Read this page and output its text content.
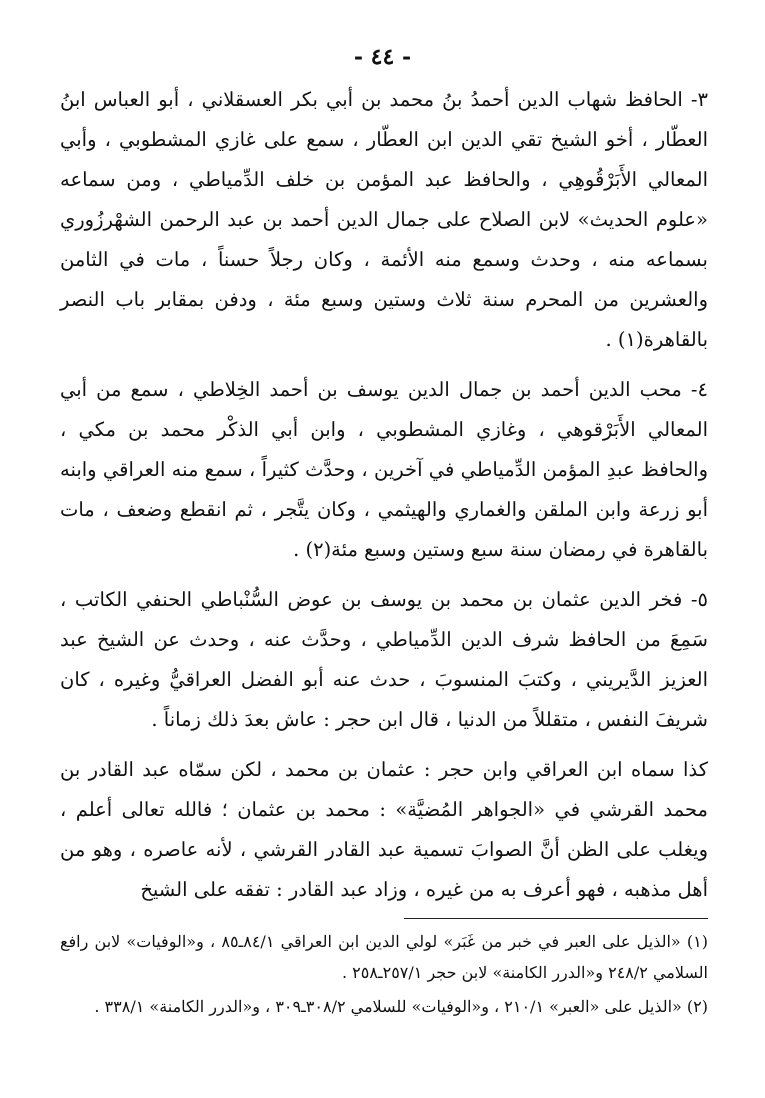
- ٤٤ -

٣- الحافظ شهاب الدين أحمدُ بنُ محمد بن أبي بكر العسقلاني ، أبو العباس ابنُ العطّار ، أخو الشيخ تقي الدين ابن العطّار ، سمع على غازي المشطوبي ، وأبي المعالي الأَبَرْقُوهِي ، والحافظ عبد المؤمن بن خلف الدِّمياطي ، ومن سماعه «علوم الحديث» لابن الصلاح على جمال الدين أحمد بن عبد الرحمن الشهْرزُوري بسماعه منه ، وحدث وسمع منه الأئمة ، وكان رجلاً حسناً ، مات في الثامن والعشرين من المحرم سنة ثلاث وستين وسبع مئة ، ودفن بمقابر باب النصر بالقاهرة(١) .

٤- محب الدين أحمد بن جمال الدين يوسف بن أحمد الخِلاطي ، سمع من أبي المعالي الأَبَرْقوهي ، وغازي المشطوبي ، وابن أبي الذكْر محمد بن مكي ، والحافظ عبدِ المؤمن الدِّمياطي في آخرين ، وحدَّث كثيراً ، سمع منه العراقي وابنه أبو زرعة وابن الملقن والغماري والهيثمي ، وكان يتَّجر ، ثم انقطع وضعف ، مات بالقاهرة في رمضان سنة سبع وستين وسبع مئة(٢) .

٥- فخر الدين عثمان بن محمد بن يوسف بن عوض السُّنْباطي الحنفي الكاتب ، سَمِعَ من الحافظ شرف الدين الدِّمياطي ، وحدَّث عنه ، وحدث عن الشيخ عبد العزيز الدَّيريني ، وكتبَ المنسوبَ ، حدث عنه أبو الفضل العراقيُّ وغيره ، كان شريفَ النفس ، متقللاً من الدنيا ، قال ابن حجر : عاش بعدَ ذلك زماناً .

كذا سماه ابن العراقي وابن حجر : عثمان بن محمد ، لكن سمّاه عبد القادر بن محمد القرشي في «الجواهر المُضيَّة» : محمد بن عثمان ؛ فالله تعالى أعلم ، ويغلب على الظن أنَّ الصوابَ تسمية عبد القادر القرشي ، لأنه عاصره ، وهو من أهل مذهبه ، فهو أعرف به من غيره ، وزاد عبد القادر : تفقه على الشيخ

(١) «الذيل على العبر في خبر من غَبَر» لولي الدين ابن العراقي ٨٤/١ـ٨٥ ، و«الوفيات» لابن رافع السلامي ٢٤٨/٢ و«الدرر الكامنة» لابن حجر ٢٥٧/١ـ٢٥٨ .

(٢) «الذيل على «العبر» ٢١٠/١ ، و«الوفيات» للسلامي ٣٠٨/٢ـ٣٠٩ ، و«الدرر الكامنة» ٣٣٨/١ .
